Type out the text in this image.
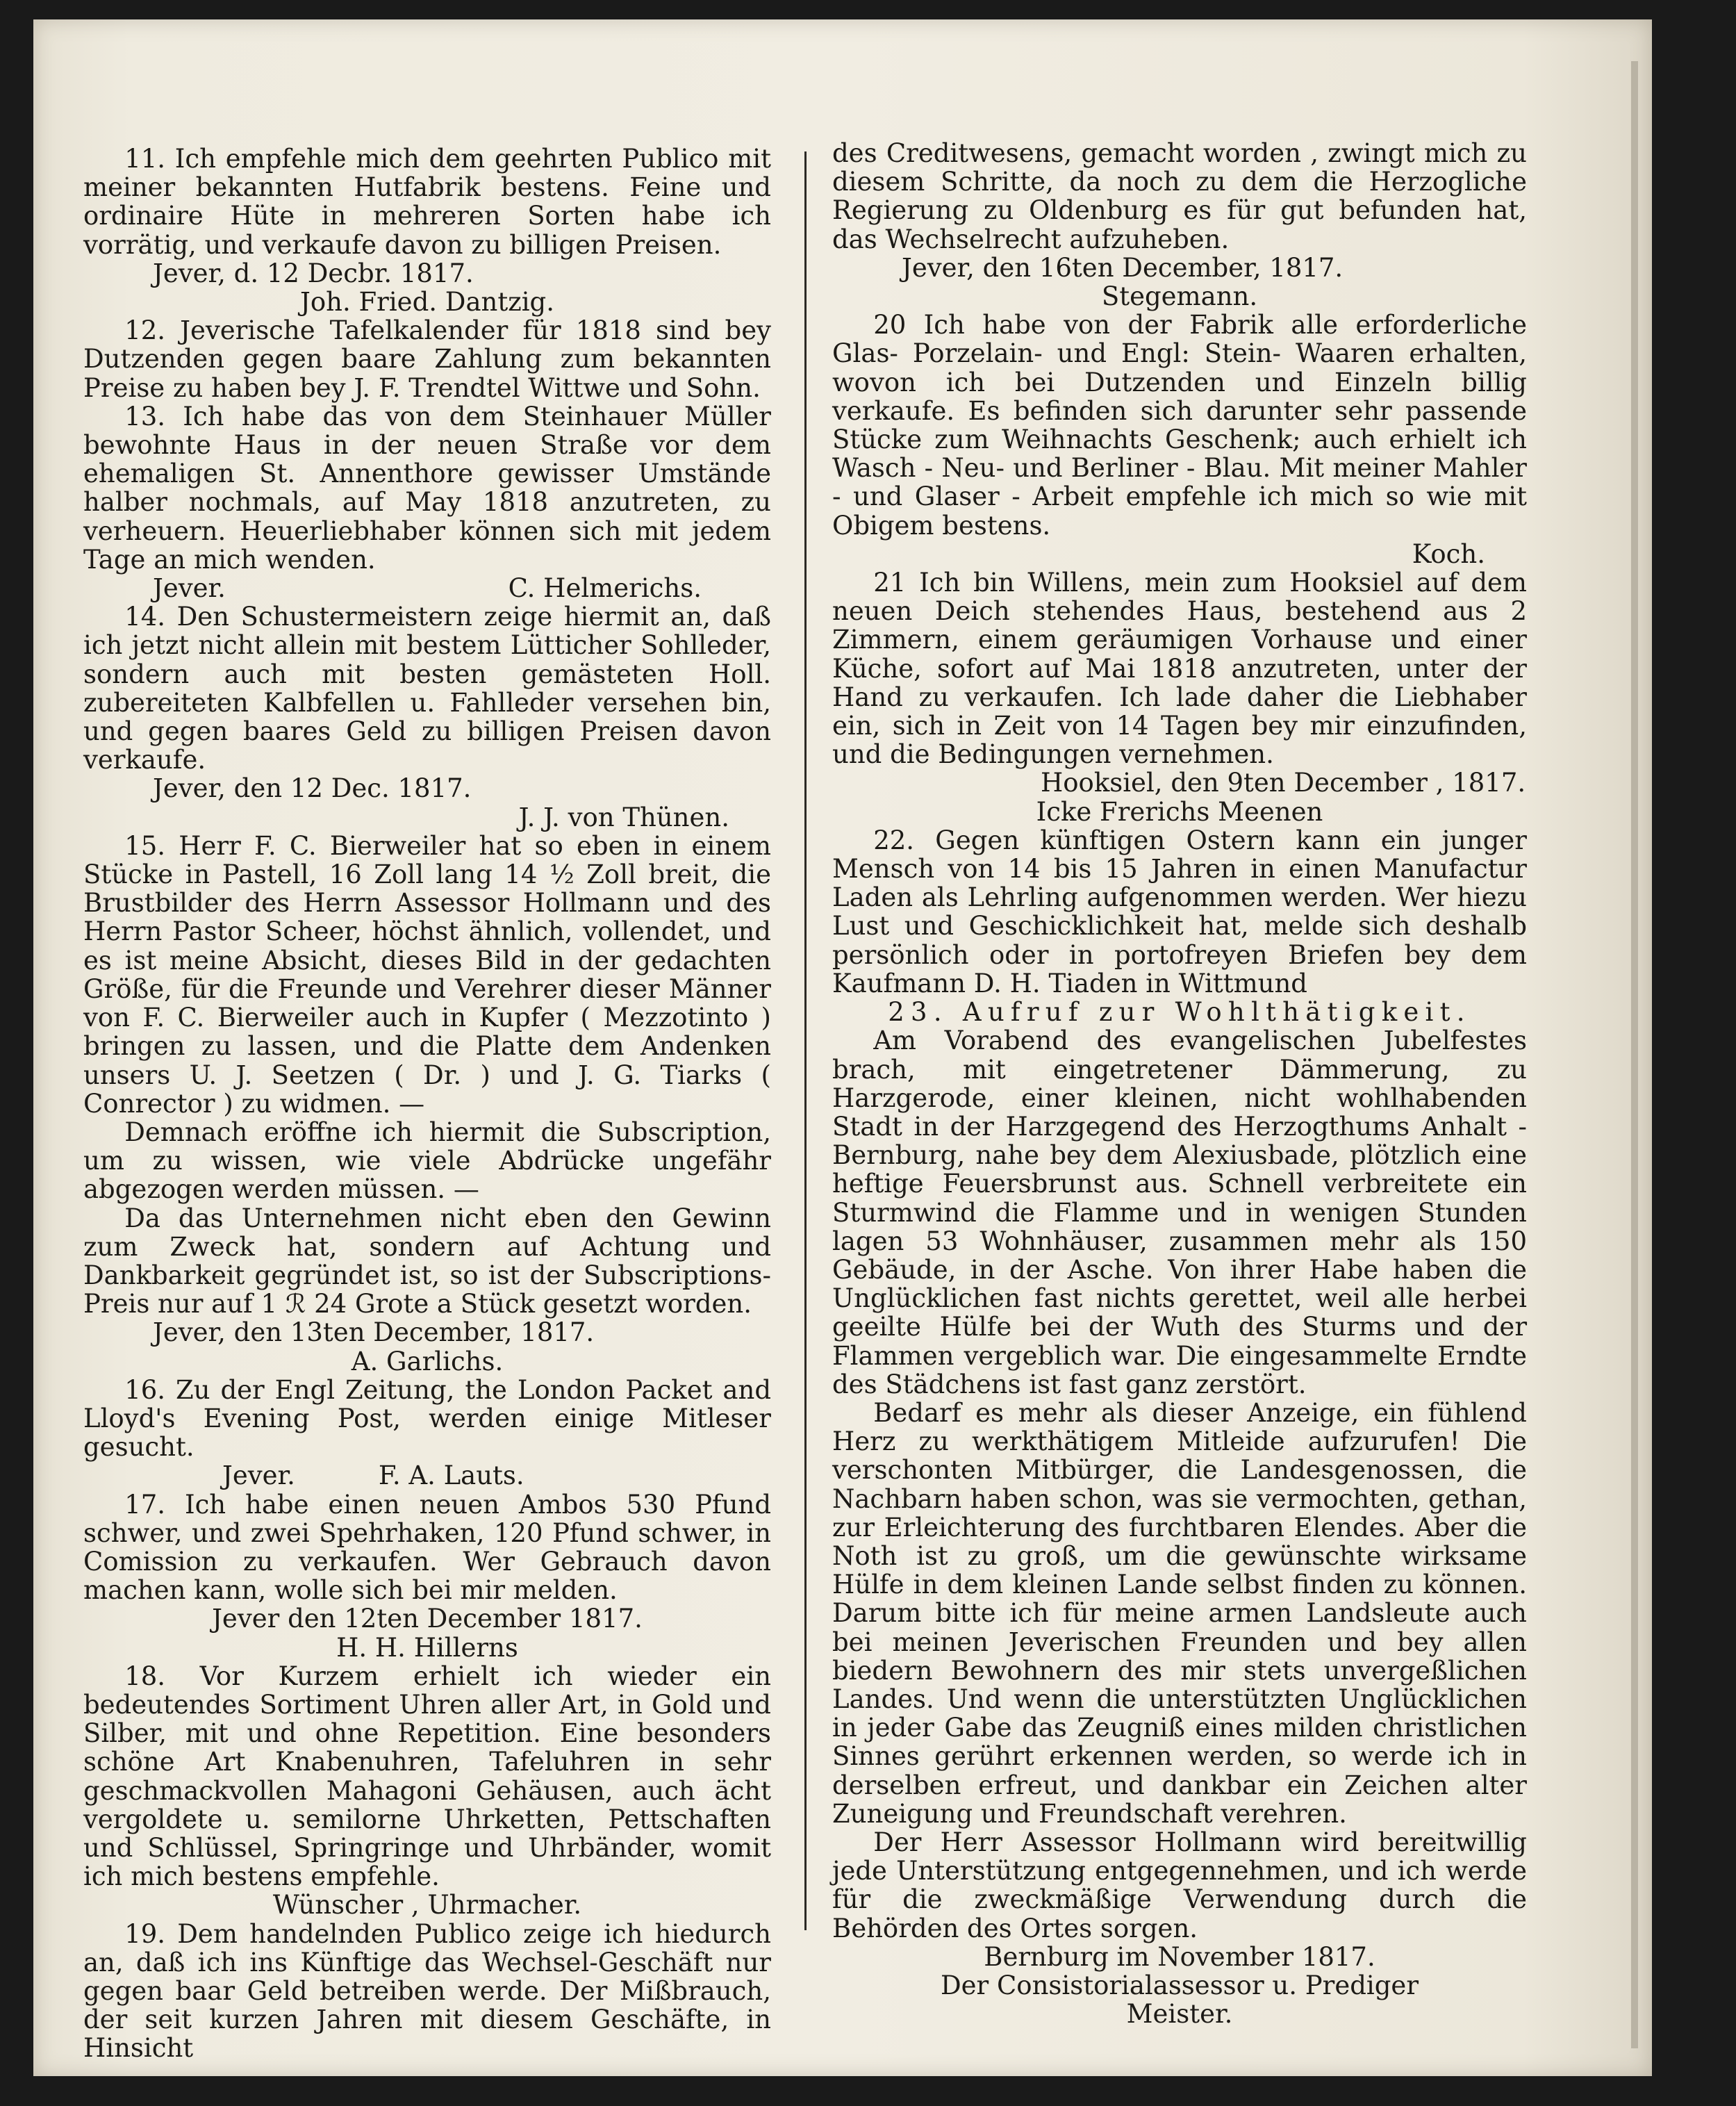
11. Ich empfehle mich dem geehrten Publico mit meiner bekannten Hutfabrik bestens. Feine und ordinaire Hüte in mehreren Sorten habe ich vorrätig, und verkaufe davon zu billigen Preisen.

Jever, d. 12 Decbr. 1817.
Joh. Fried. Dantzig.

12. Jeverische Tafelkalender für 1818 sind bey Dutzenden gegen baare Zahlung zum bekannten Preise zu haben bey J. F. Trendtel Wittwe und Sohn.

13. Ich habe das von dem Steinhauer Müller bewohnte Haus in der neuen Straße vor dem ehemaligen St. Annenthore gewisser Umstände halber nochmals, auf May 1818 anzutreten, zu verheuern. Heuerliebhaber können sich mit jedem Tage an mich wenden.

Jever.	C. Helmerichs.

14. Den Schustermeistern zeige hiermit an, daß ich jetzt nicht allein mit bestem Lütticher Sohlleder, sondern auch mit besten gemästeten Holl. zubereiteten Kalbfellen u. Fahlleder versehen bin, und gegen baares Geld zu billigen Preisen davon verkaufe.

Jever, den 12 Dec. 1817.
J. J. von Thünen.

15. Herr F. C. Bierweiler hat so eben in einem Stücke in Pastell, 16 Zoll lang 14 ½ Zoll breit, die Brustbilder des Herrn Assessor Hollmann und des Herrn Pastor Scheer, höchst ähnlich, vollendet, und es ist meine Absicht, dieses Bild in der gedachten Größe, für die Freunde und Verehrer dieser Männer von F. C. Bierweiler auch in Kupfer ( Mezzotinto ) bringen zu lassen, und die Platte dem Andenken unsers U. J. Seetzen ( Dr. ) und J. G. Tiarks ( Conrector ) zu widmen. —

Demnach eröffne ich hiermit die Subscription, um zu wissen, wie viele Abdrücke ungefähr abgezogen werden müssen. —

Da das Unternehmen nicht eben den Gewinn zum Zweck hat, sondern auf Achtung und Dankbarkeit gegründet ist, so ist der Subscriptions-Preis nur auf 1 ℛ 24 Grote a Stück gesetzt worden.

Jever, den 13ten December, 1817.
A. Garlichs.

16. Zu der Engl Zeitung, the London Packet and Lloyd's Evening Post, werden einige Mitleser gesucht.

Jever.	F. A. Lauts.

17. Ich habe einen neuen Ambos 530 Pfund schwer, und zwei Spehrhaken, 120 Pfund schwer, in Comission zu verkaufen. Wer Gebrauch davon machen kann, wolle sich bei mir melden.

Jever den 12ten December 1817.
H. H. Hillerns

18. Vor Kurzem erhielt ich wieder ein bedeutendes Sortiment Uhren aller Art, in Gold und Silber, mit und ohne Repetition. Eine besonders schöne Art Knabenuhren, Tafeluhren in sehr geschmackvollen Mahagoni Gehäusen, auch ächt vergoldete u. semilorne Uhrketten, Pettschaften und Schlüssel, Springringe und Uhrbänder, womit ich mich bestens empfehle.

Wünscher , Uhrmacher.

19. Dem handelnden Publico zeige ich hiedurch an, daß ich ins Künftige das Wechsel-Geschäft nur gegen baar Geld betreiben werde. Der Mißbrauch, der seit kurzen Jahren mit diesem Geschäfte, in Hinsicht

des Creditwesens, gemacht worden , zwingt mich zu diesem Schritte, da noch zu dem die Herzogliche Regierung zu Oldenburg es für gut befunden hat, das Wechselrecht aufzuheben.

Jever, den 16ten December, 1817.
Stegemann.

20 Ich habe von der Fabrik alle erforderliche Glas- Porzelain- und Engl: Stein- Waaren erhalten, wovon ich bei Dutzenden und Einzeln billig verkaufe. Es befinden sich darunter sehr passende Stücke zum Weihnachts Geschenk; auch erhielt ich Wasch - Neu- und Berliner - Blau. Mit meiner Mahler - und Glaser - Arbeit empfehle ich mich so wie mit Obigem bestens.

Koch.

21 Ich bin Willens, mein zum Hooksiel auf dem neuen Deich stehendes Haus, bestehend aus 2 Zimmern, einem geräumigen Vorhause und einer Küche, sofort auf Mai 1818 anzutreten, unter der Hand zu verkaufen. Ich lade daher die Liebhaber ein, sich in Zeit von 14 Tagen bey mir einzufinden, und die Bedingungen vernehmen.

Hooksiel, den 9ten December , 1817.
Icke Frerichs Meenen

22. Gegen künftigen Ostern kann ein junger Mensch von 14 bis 15 Jahren in einen Manufactur Laden als Lehrling aufgenommen werden. Wer hiezu Lust und Geschicklichkeit hat, melde sich deshalb persönlich oder in portofreyen Briefen bey dem Kaufmann D. H. Tiaden in Wittmund

23. Aufruf zur Wohlthätigkeit.

Am Vorabend des evangelischen Jubelfestes brach, mit eingetretener Dämmerung, zu Harzgerode, einer kleinen, nicht wohlhabenden Stadt in der Harzgegend des Herzogthums Anhalt - Bernburg, nahe bey dem Alexiusbade, plötzlich eine heftige Feuersbrunst aus. Schnell verbreitete ein Sturmwind die Flamme und in wenigen Stunden lagen 53 Wohnhäuser, zusammen mehr als 150 Gebäude, in der Asche. Von ihrer Habe haben die Unglücklichen fast nichts gerettet, weil alle herbei geeilte Hülfe bei der Wuth des Sturms und der Flammen vergeblich war. Die eingesammelte Erndte des Städchens ist fast ganz zerstört.

Bedarf es mehr als dieser Anzeige, ein fühlend Herz zu werkthätigem Mitleide aufzurufen! Die verschonten Mitbürger, die Landesgenossen, die Nachbarn haben schon, was sie vermochten, gethan, zur Erleichterung des furchtbaren Elendes. Aber die Noth ist zu groß, um die gewünschte wirksame Hülfe in dem kleinen Lande selbst finden zu können. Darum bitte ich für meine armen Landsleute auch bei meinen Jeverischen Freunden und bey allen biedern Bewohnern des mir stets unvergeßlichen Landes. Und wenn die unterstützten Unglücklichen in jeder Gabe das Zeugniß eines milden christlichen Sinnes gerührt erkennen werden, so werde ich in derselben erfreut, und dankbar ein Zeichen alter Zuneigung und Freundschaft verehren.

Der Herr Assessor Hollmann wird bereitwillig jede Unterstützung entgegennehmen, und ich werde für die zweckmäßige Verwendung durch die Behörden des Ortes sorgen.

Bernburg im November 1817.
Der Consistorialassessor u. Prediger
Meister.
